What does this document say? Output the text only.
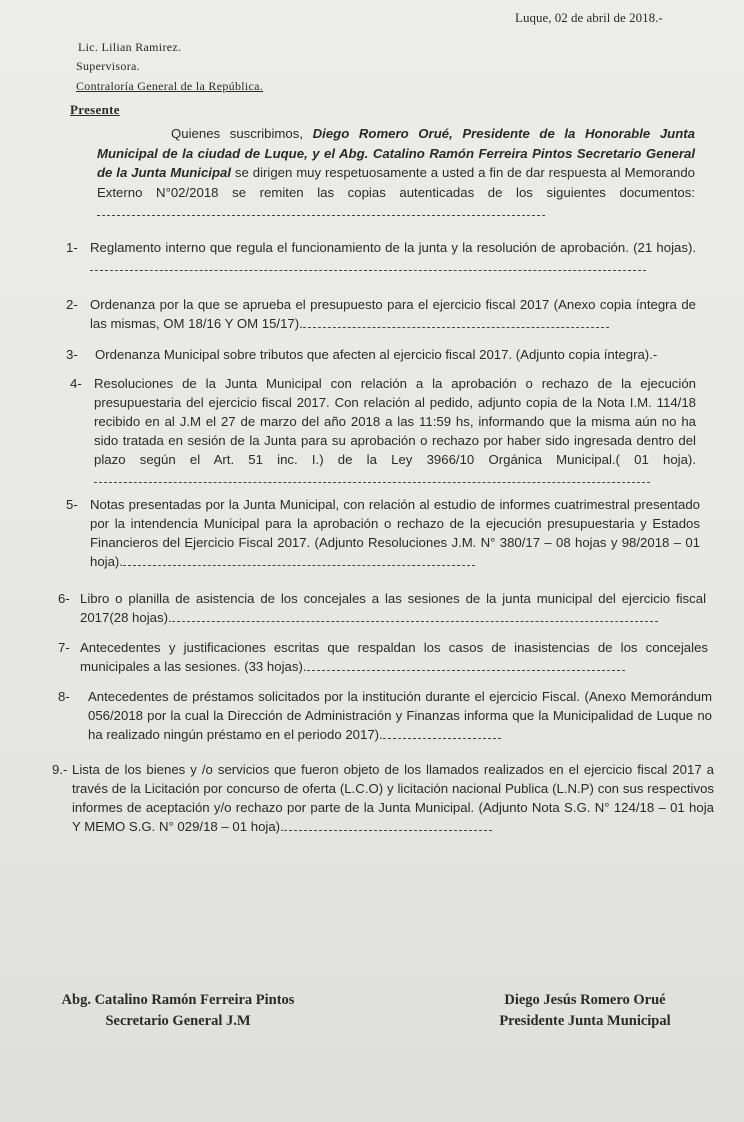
Luque, 02 de abril de 2018.-
Lic. Lilian Ramirez.
Supervisora.
Contraloría General de la República.
Presente
Quienes suscribimos, Diego Romero Orué, Presidente de la Honorable Junta Municipal de la ciudad de Luque, y el Abg. Catalino Ramón Ferreira Pintos Secretario General de la Junta Municipal se dirigen muy respetuosamente a usted a fin de dar respuesta al Memorando Externo N°02/2018 se remiten las copias autenticadas de los siguientes documentos:
1- Reglamento interno que regula el funcionamiento de la junta y la resolución de aprobación. (21 hojas).
2- Ordenanza por la que se aprueba el presupuesto para el ejercicio fiscal 2017 (Anexo copia íntegra de las mismas, OM 18/16 Y OM 15/17).
3- Ordenanza Municipal sobre tributos que afecten al ejercicio fiscal 2017. (Adjunto copia íntegra).-
4- Resoluciones de la Junta Municipal con relación a la aprobación o rechazo de la ejecución presupuestaria del ejercicio fiscal 2017. Con relación al pedido, adjunto copia de la Nota I.M. 114/18 recibido en al J.M el 27 de marzo del año 2018 a las 11:59 hs, informando que la misma aún no ha sido tratada en sesión de la Junta para su aprobación o rechazo por haber sido ingresada dentro del plazo según el Art. 51 inc. I.) de la Ley 3966/10 Orgánica Municipal.( 01 hoja).
5- Notas presentadas por la Junta Municipal, con relación al estudio de informes cuatrimestral presentado por la intendencia Municipal para la aprobación o rechazo de la ejecución presupuestaria y Estados Financieros del Ejercicio Fiscal 2017. (Adjunto Resoluciones J.M. N° 380/17 – 08 hojas y 98/2018 – 01 hoja).
6- Libro o planilla de asistencia de los concejales a las sesiones de la junta municipal del ejercicio fiscal 2017(28 hojas).
7- Antecedentes y justificaciones escritas que respaldan los casos de inasistencias de los concejales municipales a las sesiones. (33 hojas).
8- Antecedentes de préstamos solicitados por la institución durante el ejercicio Fiscal. (Anexo Memorándum 056/2018 por la cual la Dirección de Administración y Finanzas informa que la Municipalidad de Luque no ha realizado ningún préstamo en el periodo 2017).
9.- Lista de los bienes y /o servicios que fueron objeto de los llamados realizados en el ejercicio fiscal 2017 a través de la Licitación por concurso de oferta (L.C.O) y licitación nacional Publica (L.N.P) con sus respectivos informes de aceptación y/o rechazo por parte de la Junta Municipal. (Adjunto Nota S.G. N° 124/18 – 01 hoja Y MEMO S.G. N° 029/18 – 01 hoja).
Abg. Catalino Ramón Ferreira Pintos
Secretario General J.M
Diego Jesús Romero Orué
Presidente Junta Municipal
